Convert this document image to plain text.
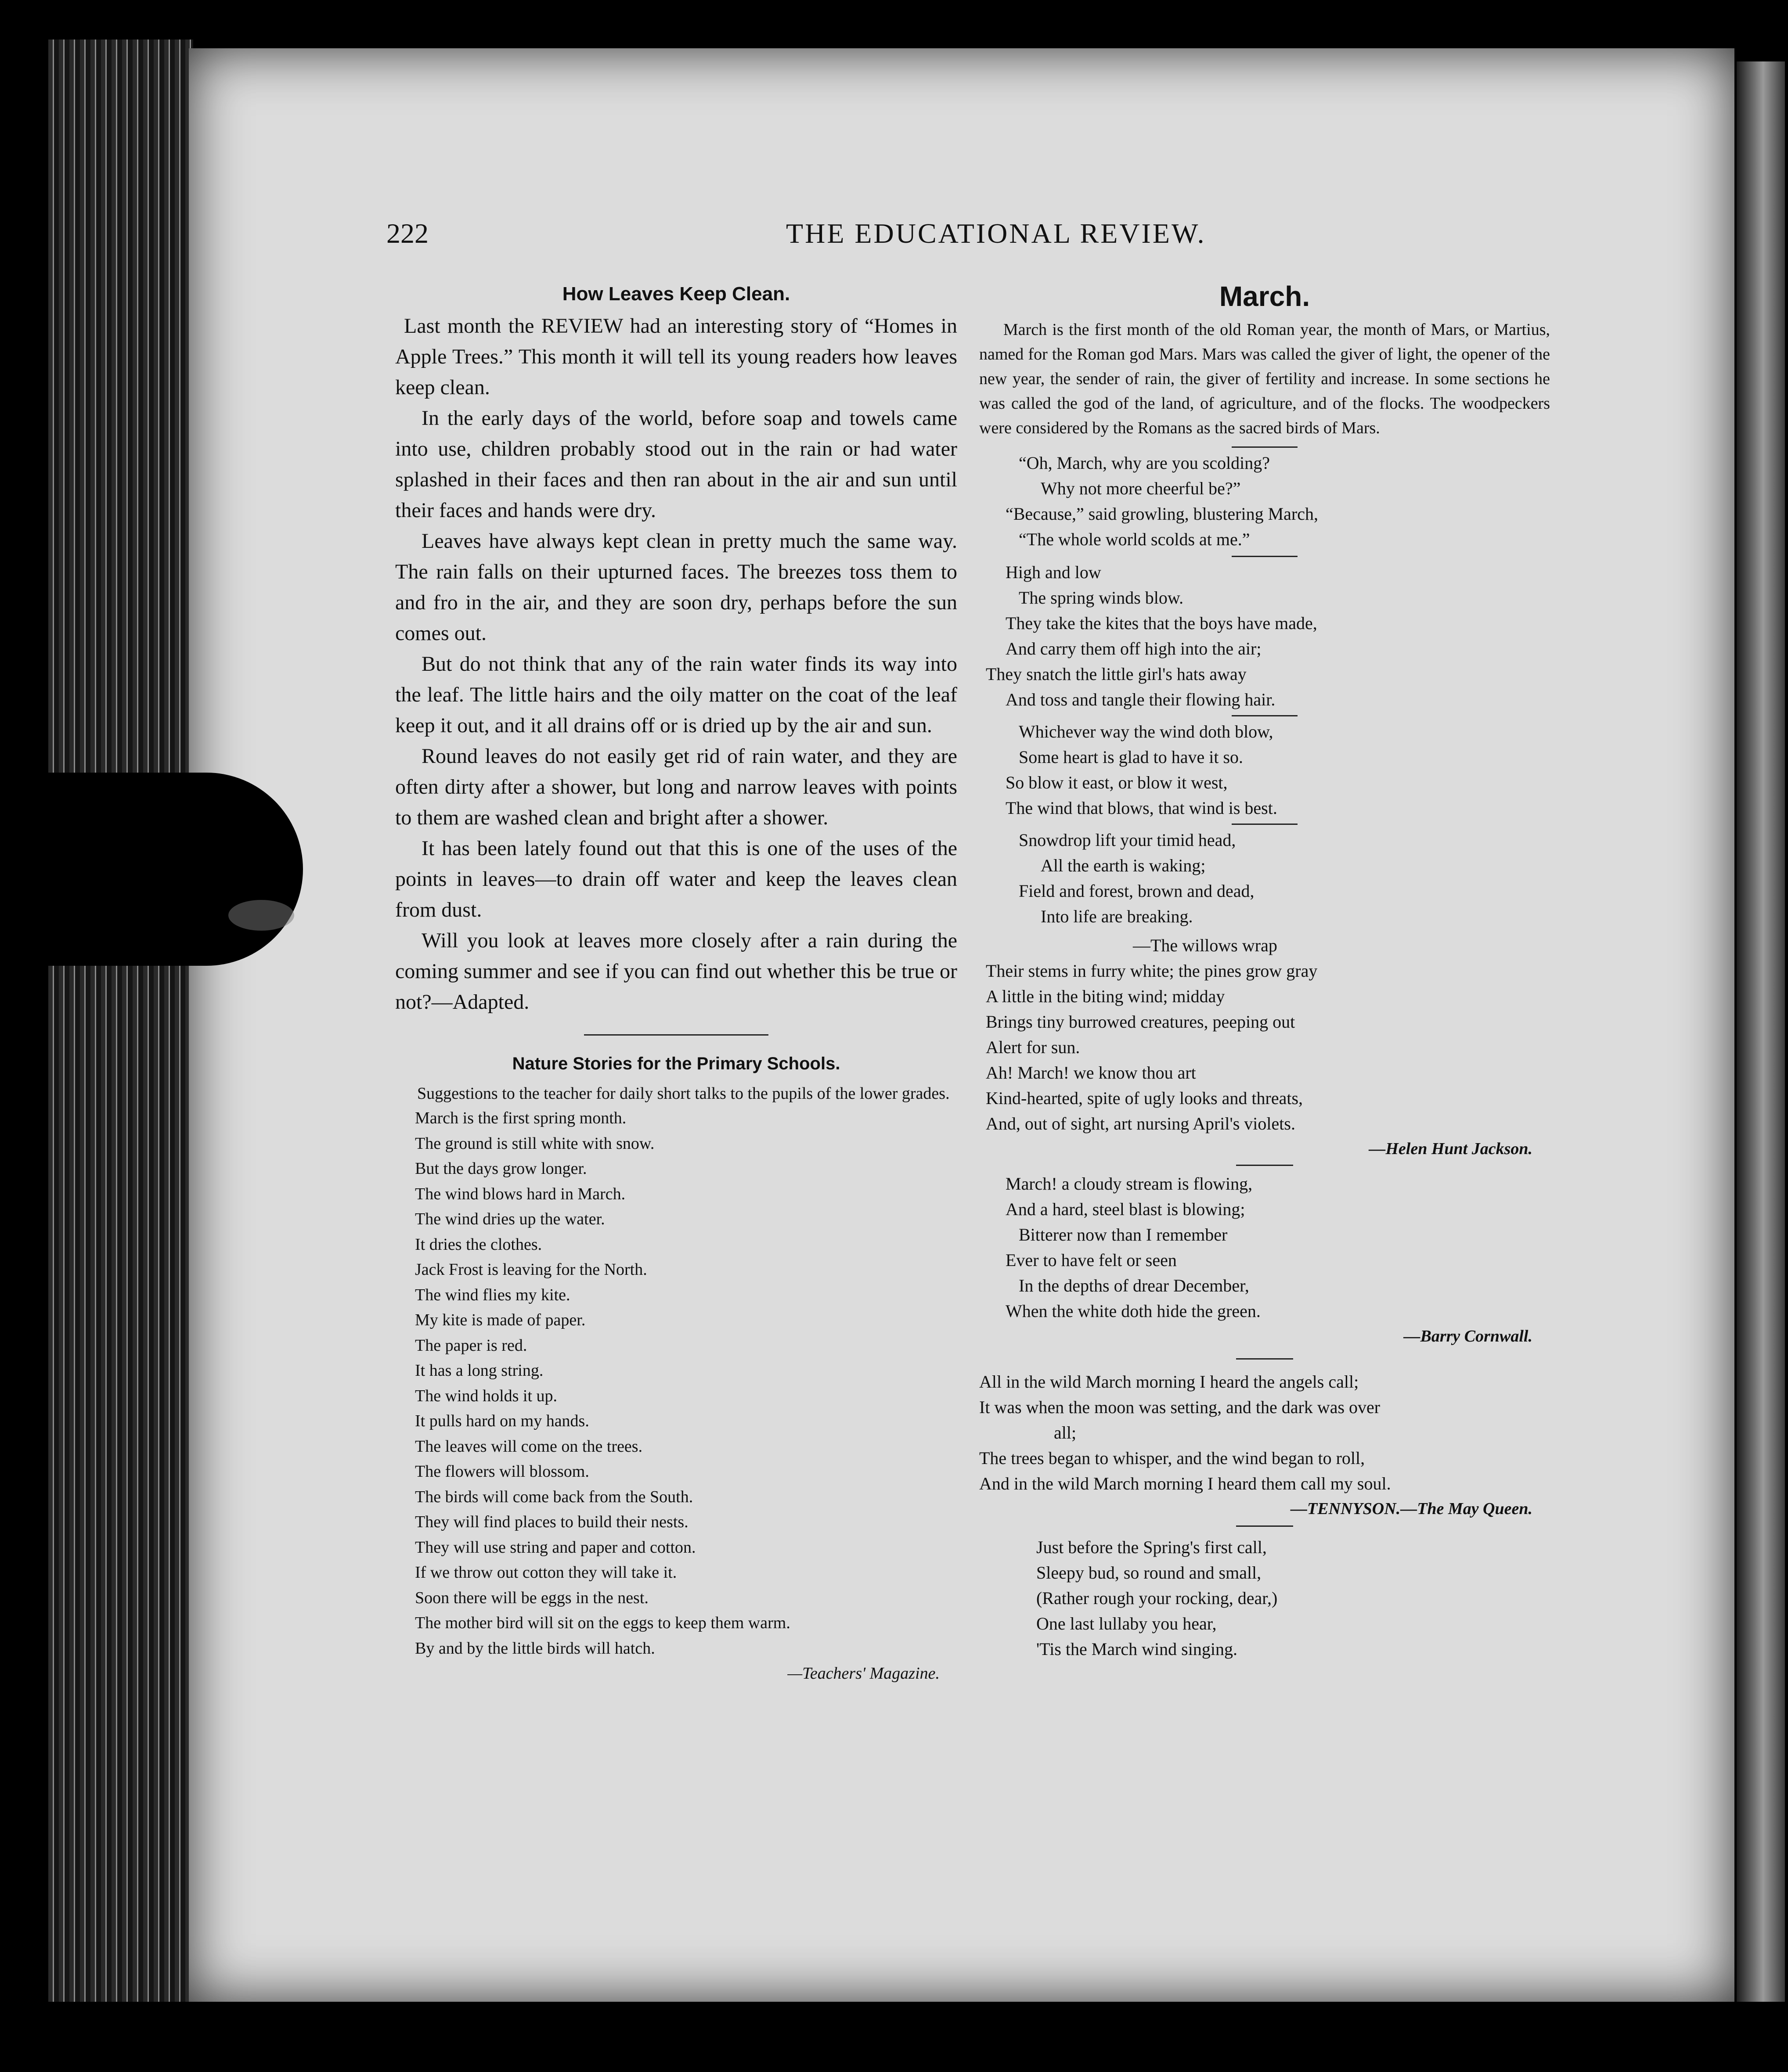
222	THE EDUCATIONAL REVIEW.

How Leaves Keep Clean.

Last month the REVIEW had an interesting story of “Homes in Apple Trees.” This month it will tell its young readers how leaves keep clean.

In the early days of the world, before soap and towels came into use, children probably stood out in the rain or had water splashed in their faces and then ran about in the air and sun until their faces and hands were dry.

Leaves have always kept clean in pretty much the same way. The rain falls on their upturned faces. The breezes toss them to and fro in the air, and they are soon dry, perhaps before the sun comes out.

But do not think that any of the rain water finds its way into the leaf. The little hairs and the oily matter on the coat of the leaf keep it out, and it all drains off or is dried up by the air and sun.

Round leaves do not easily get rid of rain water, and they are often dirty after a shower, but long and narrow leaves with points to them are washed clean and bright after a shower.

It has been lately found out that this is one of the uses of the points in leaves—to drain off water and keep the leaves clean from dust.

Will you look at leaves more closely after a rain during the coming summer and see if you can find out whether this be true or not?—Adapted.

Nature Stories for the Primary Schools.

Suggestions to the teacher for daily short talks to the pupils of the lower grades.

March is the first spring month.

The ground is still white with snow.

But the days grow longer.

The wind blows hard in March.

The wind dries up the water.

It dries the clothes.

Jack Frost is leaving for the North.

The wind flies my kite.

My kite is made of paper.

The paper is red.

It has a long string.

The wind holds it up.

It pulls hard on my hands.

The leaves will come on the trees.

The flowers will blossom.

The birds will come back from the South.

They will find places to build their nests.

They will use string and paper and cotton.

If we throw out cotton they will take it.

Soon there will be eggs in the nest.

The mother bird will sit on the eggs to keep them warm.

By and by the little birds will hatch.

—Teachers' Magazine.

March.

March is the first month of the old Roman year, the month of Mars, or Martius, named for the Roman god Mars. Mars was called the giver of light, the opener of the new year, the sender of rain, the giver of fertility and increase. In some sections he was called the god of the land, of agriculture, and of the flocks. The woodpeckers were considered by the Romans as the sacred birds of Mars.

“Oh, March, why are you scolding?

Why not more cheerful be?”

“Because,” said growling, blustering March,

“The whole world scolds at me.”

High and low

The spring winds blow.

They take the kites that the boys have made,

And carry them off high into the air;

They snatch the little girl's hats away

And toss and tangle their flowing hair.

Whichever way the wind doth blow,

Some heart is glad to have it so.

So blow it east, or blow it west,

The wind that blows, that wind is best.

Snowdrop lift your timid head,

All the earth is waking;

Field and forest, brown and dead,

Into life are breaking.

—The willows wrap

Their stems in furry white; the pines grow gray

A little in the biting wind; midday

Brings tiny burrowed creatures, peeping out

Alert for sun.

Ah! March! we know thou art

Kind-hearted, spite of ugly looks and threats,

And, out of sight, art nursing April's violets.

—Helen Hunt Jackson.

March! a cloudy stream is flowing,

And a hard, steel blast is blowing;

Bitterer now than I remember

Ever to have felt or seen

In the depths of drear December,

When the white doth hide the green.

—Barry Cornwall.

All in the wild March morning I heard the angels call;

It was when the moon was setting, and the dark was over

all;

The trees began to whisper, and the wind began to roll,

And in the wild March morning I heard them call my soul.

—TENNYSON.—The May Queen.

Just before the Spring's first call,

Sleepy bud, so round and small,

(Rather rough your rocking, dear,)

One last lullaby you hear,

'Tis the March wind singing.
